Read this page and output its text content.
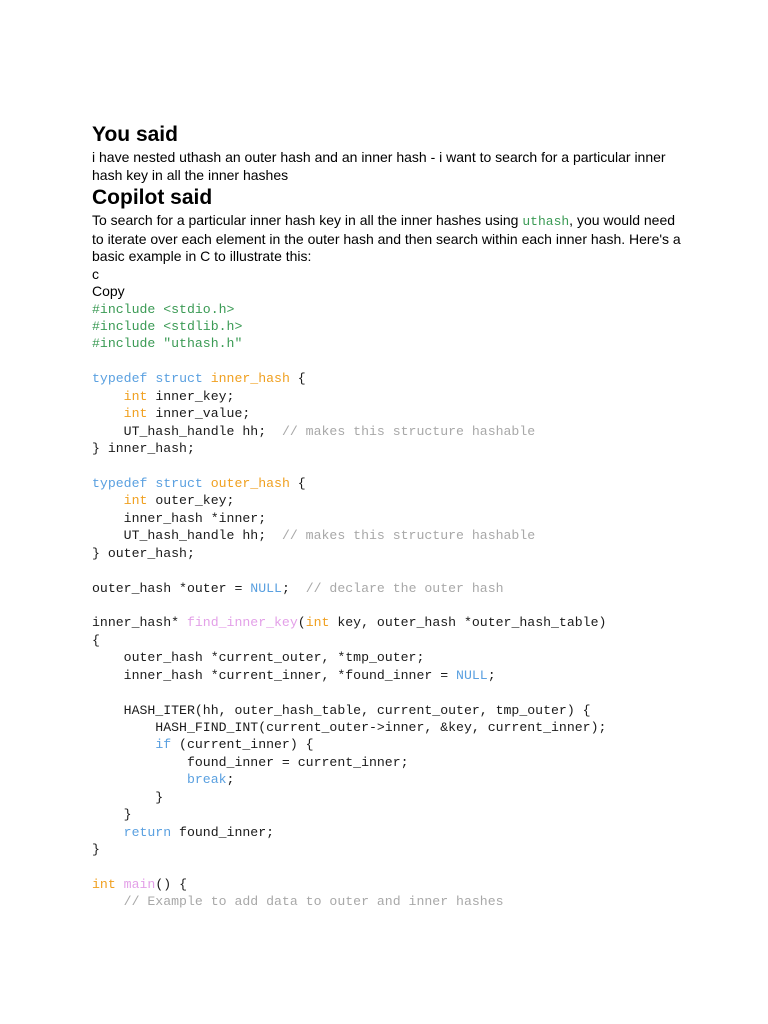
You said

i have nested uthash an outer hash and an inner hash - i want to search for a particular inner hash key in all the inner hashes

Copilot said

To search for a particular inner hash key in all the inner hashes using uthash, you would need to iterate over each element in the outer hash and then search within each inner hash. Here's a basic example in C to illustrate this:

c
Copy
#include <stdio.h>
#include <stdlib.h>
#include "uthash.h"

typedef struct inner_hash {
int inner_key;
int inner_value;
UT_hash_handle hh;  // makes this structure hashable
} inner_hash;

typedef struct outer_hash {
int outer_key;
inner_hash *inner;
UT_hash_handle hh;  // makes this structure hashable
} outer_hash;

outer_hash *outer = NULL;  // declare the outer hash

inner_hash* find_inner_key(int key, outer_hash *outer_hash_table)
{
outer_hash *current_outer, *tmp_outer;
inner_hash *current_inner, *found_inner = NULL;

HASH_ITER(hh, outer_hash_table, current_outer, tmp_outer) {
HASH_FIND_INT(current_outer->inner, &key, current_inner);
if (current_inner) {
found_inner = current_inner;
break;
}
}
return found_inner;
}

int main() {
// Example to add data to outer and inner hashes
